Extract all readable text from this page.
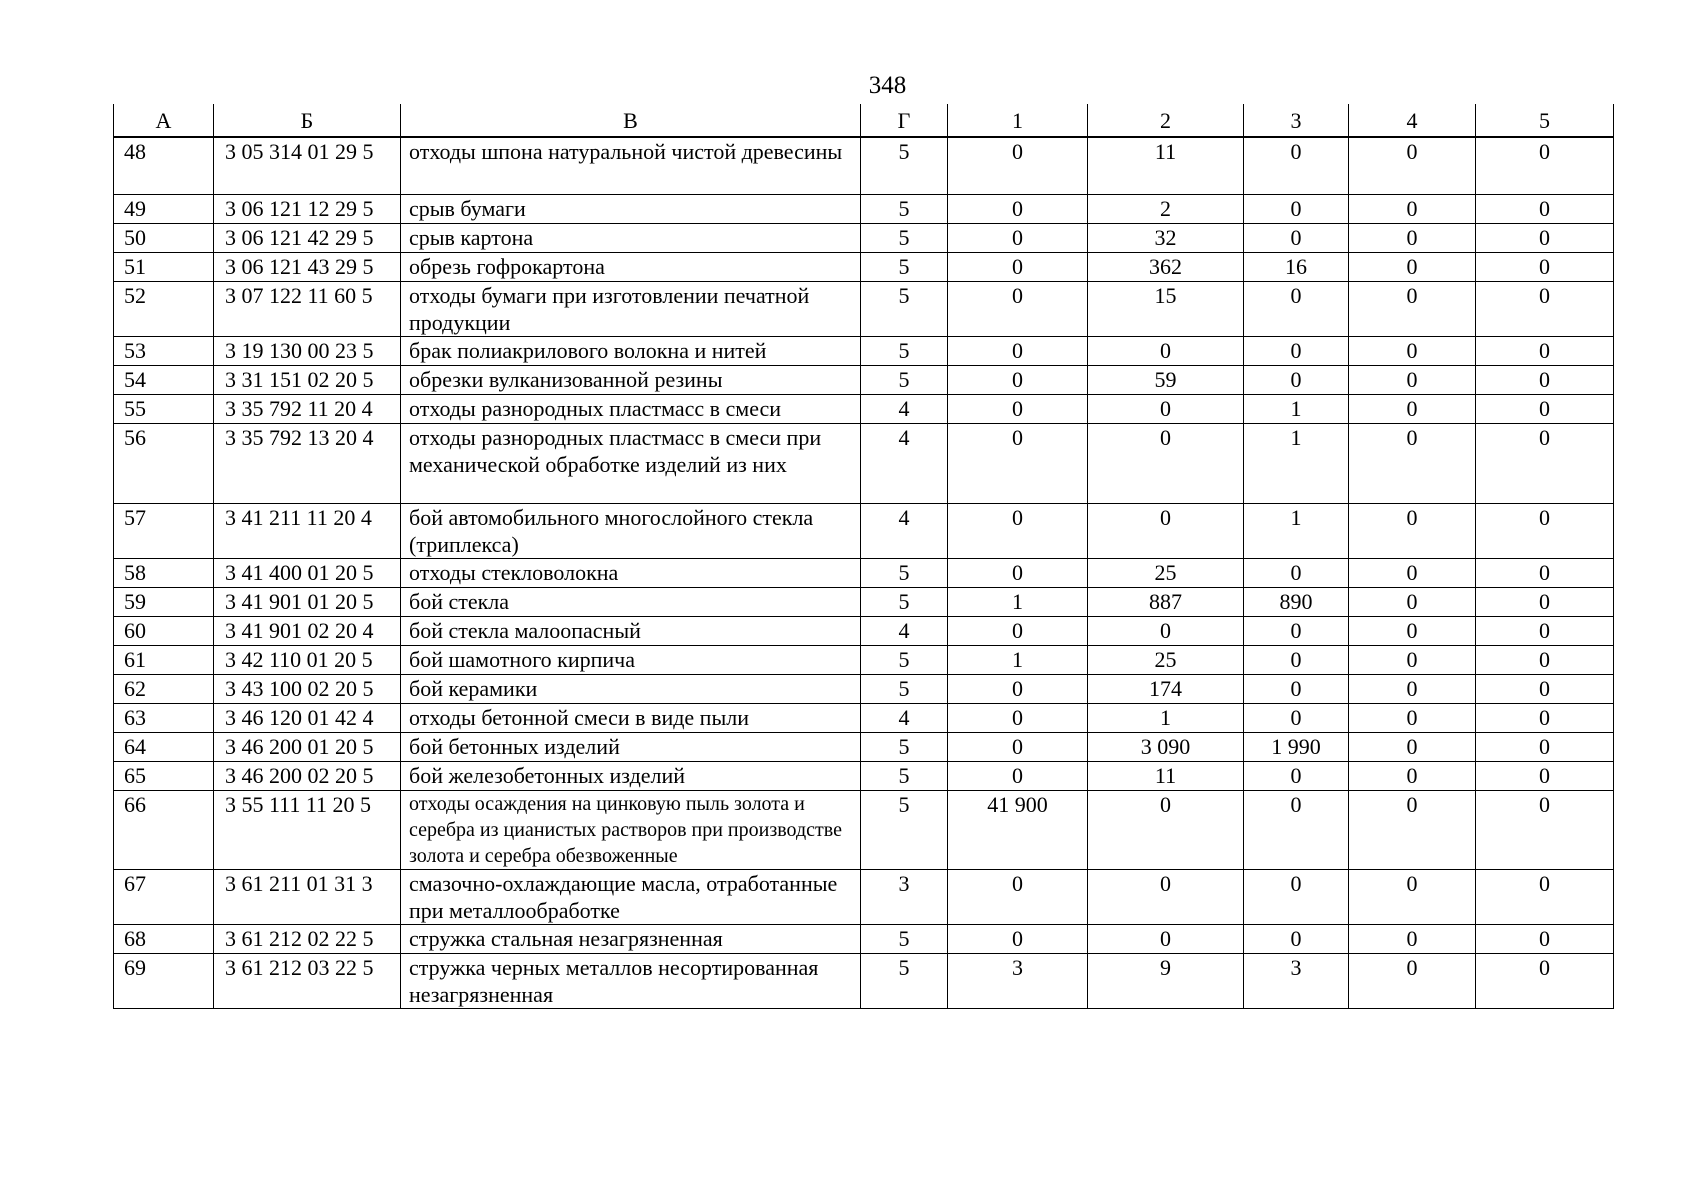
348
А	Б	В	Г	1	2	3	4	5
48	3 05 314 01 29 5	отходы шпона натуральной чистой древесины	5	0	11	0	0	0
49	3 06 121 12 29 5	срыв бумаги	5	0	2	0	0	0
50	3 06 121 42 29 5	срыв картона	5	0	32	0	0	0
51	3 06 121 43 29 5	обрезь гофрокартона	5	0	362	16	0	0
52	3 07 122 11 60 5	отходы бумаги при изготовлении печатной продукции	5	0	15	0	0	0
53	3 19 130 00 23 5	брак полиакрилового волокна и нитей	5	0	0	0	0	0
54	3 31 151 02 20 5	обрезки вулканизованной резины	5	0	59	0	0	0
55	3 35 792 11 20 4	отходы разнородных пластмасс в смеси	4	0	0	1	0	0
56	3 35 792 13 20 4	отходы разнородных пластмасс в смеси при механической обработке изделий из них	4	0	0	1	0	0
57	3 41 211 11 20 4	бой автомобильного многослойного стекла (триплекса)	4	0	0	1	0	0
58	3 41 400 01 20 5	отходы стекловолокна	5	0	25	0	0	0
59	3 41 901 01 20 5	бой стекла	5	1	887	890	0	0
60	3 41 901 02 20 4	бой стекла малоопасный	4	0	0	0	0	0
61	3 42 110 01 20 5	бой шамотного кирпича	5	1	25	0	0	0
62	3 43 100 02 20 5	бой керамики	5	0	174	0	0	0
63	3 46 120 01 42 4	отходы бетонной смеси в виде пыли	4	0	1	0	0	0
64	3 46 200 01 20 5	бой бетонных изделий	5	0	3 090	1 990	0	0
65	3 46 200 02 20 5	бой железобетонных изделий	5	0	11	0	0	0
66	3 55 111 11 20 5	отходы осаждения на цинковую пыль золота и серебра из цианистых растворов при производстве золота и серебра обезвоженные	5	41 900	0	0	0	0
67	3 61 211 01 31 3	смазочно-охлаждающие масла, отработанные при металлообработке	3	0	0	0	0	0
68	3 61 212 02 22 5	стружка стальная незагрязненная	5	0	0	0	0	0
69	3 61 212 03 22 5	стружка черных металлов несортированная незагрязненная	5	3	9	3	0	0
